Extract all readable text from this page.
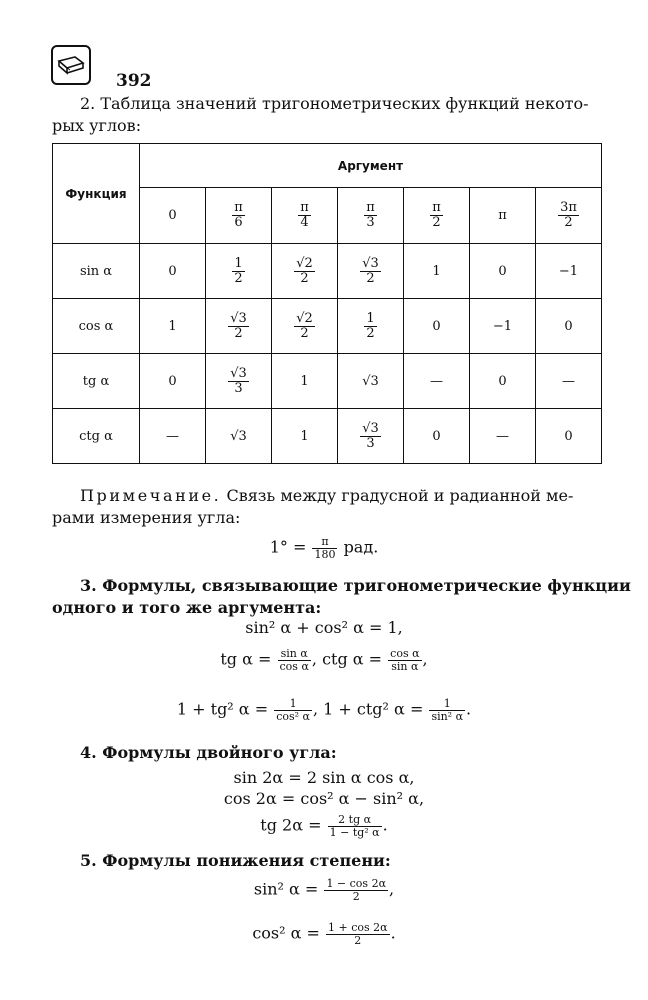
392

2. Таблица значений тригонометрических функций некото-

рых углов:

Функция	Аргумент						
	0	$\frac{\pi}{6}$	$\frac{\pi}{4}$	$\frac{\pi}{3}$	$\frac{\pi}{2}$	π	$\frac{3\pi}{2}$

sin α	0	$\frac{1}{2}$	$\frac{√2}{2}$	$\frac{√3}{2}$	1	0	−1
cos α	1	$\frac{√3}{2}$	$\frac{√2}{2}$	$\frac{1}{2}$	0	−1	0
tg α	0	$\frac{√3}{3}$	1	√3	—	0	—
ctg α	—	√3	1	$\frac{√3}{3}$	0	—	0

Примечание. Связь между градусной и радианной ме-

рами измерения угла:

$1^\circ = \frac{\pi}{180}$ рад.

3. Формулы, связывающие тригонометрические функции

одного и того же аргумента:

sin² α + cos² α = 1,
tg $\alpha = \frac{\text{sin α}}{\text{cos α}}$ , ctg $\alpha = \frac{\text{cos α}}{\text{sin α}}$ ,
1 + tg² $\alpha = \frac{1}{\text{cos² α}}$ , 1 + ctg² $\alpha = \frac{1}{\text{sin² α}}$ .

4. Формулы двойного угла:

sin 2α = 2 sin α cos α,
cos 2α = cos² α − sin² α,
tg $2\alpha = \frac{\text{2 tg α}}{\text{1 − tg² α}}$ .

5. Формулы понижения степени:

sin² $\alpha = \frac{1 - \cos 2\alpha}{2}$ ,
cos² $\alpha = \frac{1 + \cos 2\alpha}{2}$ .
